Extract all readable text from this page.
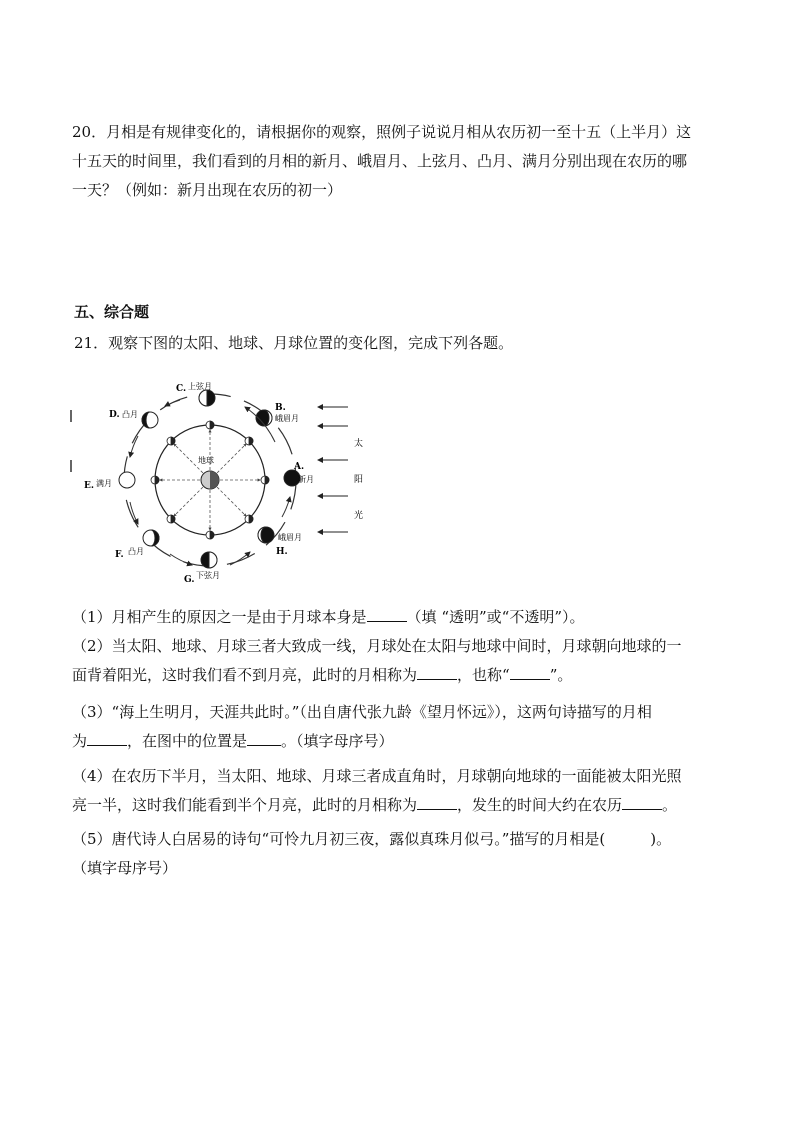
20．月相是有规律变化的，请根据你的观察，照例子说说月相从农历初一至十五（上半月）这
十五天的时间里，我们看到的月相的新月、峨眉月、上弦月、凸月、满月分别出现在农历的哪
一天？（例如：新月出现在农历的初一）
五、综合题
21．观察下图的太阳、地球、月球位置的变化图，完成下列各题。
地球
太
阳
光
A.
新月
B.
峨眉月
C. 上弦月
D. 凸月
E. 满月
F. 凸月
G. 下弦月
H.
峨眉月
（1）月相产生的原因之一是由于月球本身是	（填 “透明”或“不透明”）。
（2）当太阳、地球、月球三者大致成一线，月球处在太阳与地球中间时，月球朝向地球的一
面背着阳光，这时我们看不到月亮，此时的月相称为	，也称“	”。
（3）“海上生明月，天涯共此时。”（出自唐代张九龄《望月怀远》），这两句诗描写的月相
为	，在图中的位置是 。（填字母序号）
（4）在农历下半月，当太阳、地球、月球三者成直角时，月球朝向地球的一面能被太阳光照
亮一半，这时我们能看到半个月亮，此时的月相称为	，发生的时间大约在农历	。
（5）唐代诗人白居易的诗句“可怜九月初三夜，露似真珠月似弓。”描写的月相是(　　　)。
（填字母序号）
